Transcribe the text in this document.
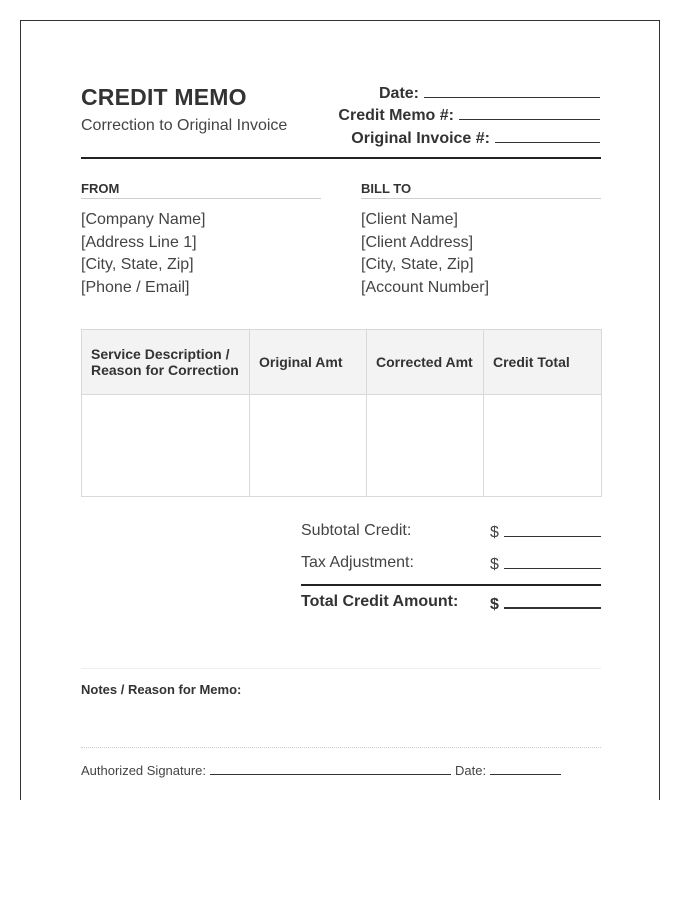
CREDIT MEMO
Correction to Original Invoice
Date:
Credit Memo #:
Original Invoice #:
FROM
[Company Name]
[Address Line 1]
[City, State, Zip]
[Phone / Email]
BILL TO
[Client Name]
[Client Address]
[City, State, Zip]
[Account Number]
Service Description / Reason for Correction	Original Amt	Corrected Amt	Credit Total

Subtotal Credit:	$
Tax Adjustment:	$
Total Credit Amount: $
Notes / Reason for Memo:
Authorized Signature:	Date:
